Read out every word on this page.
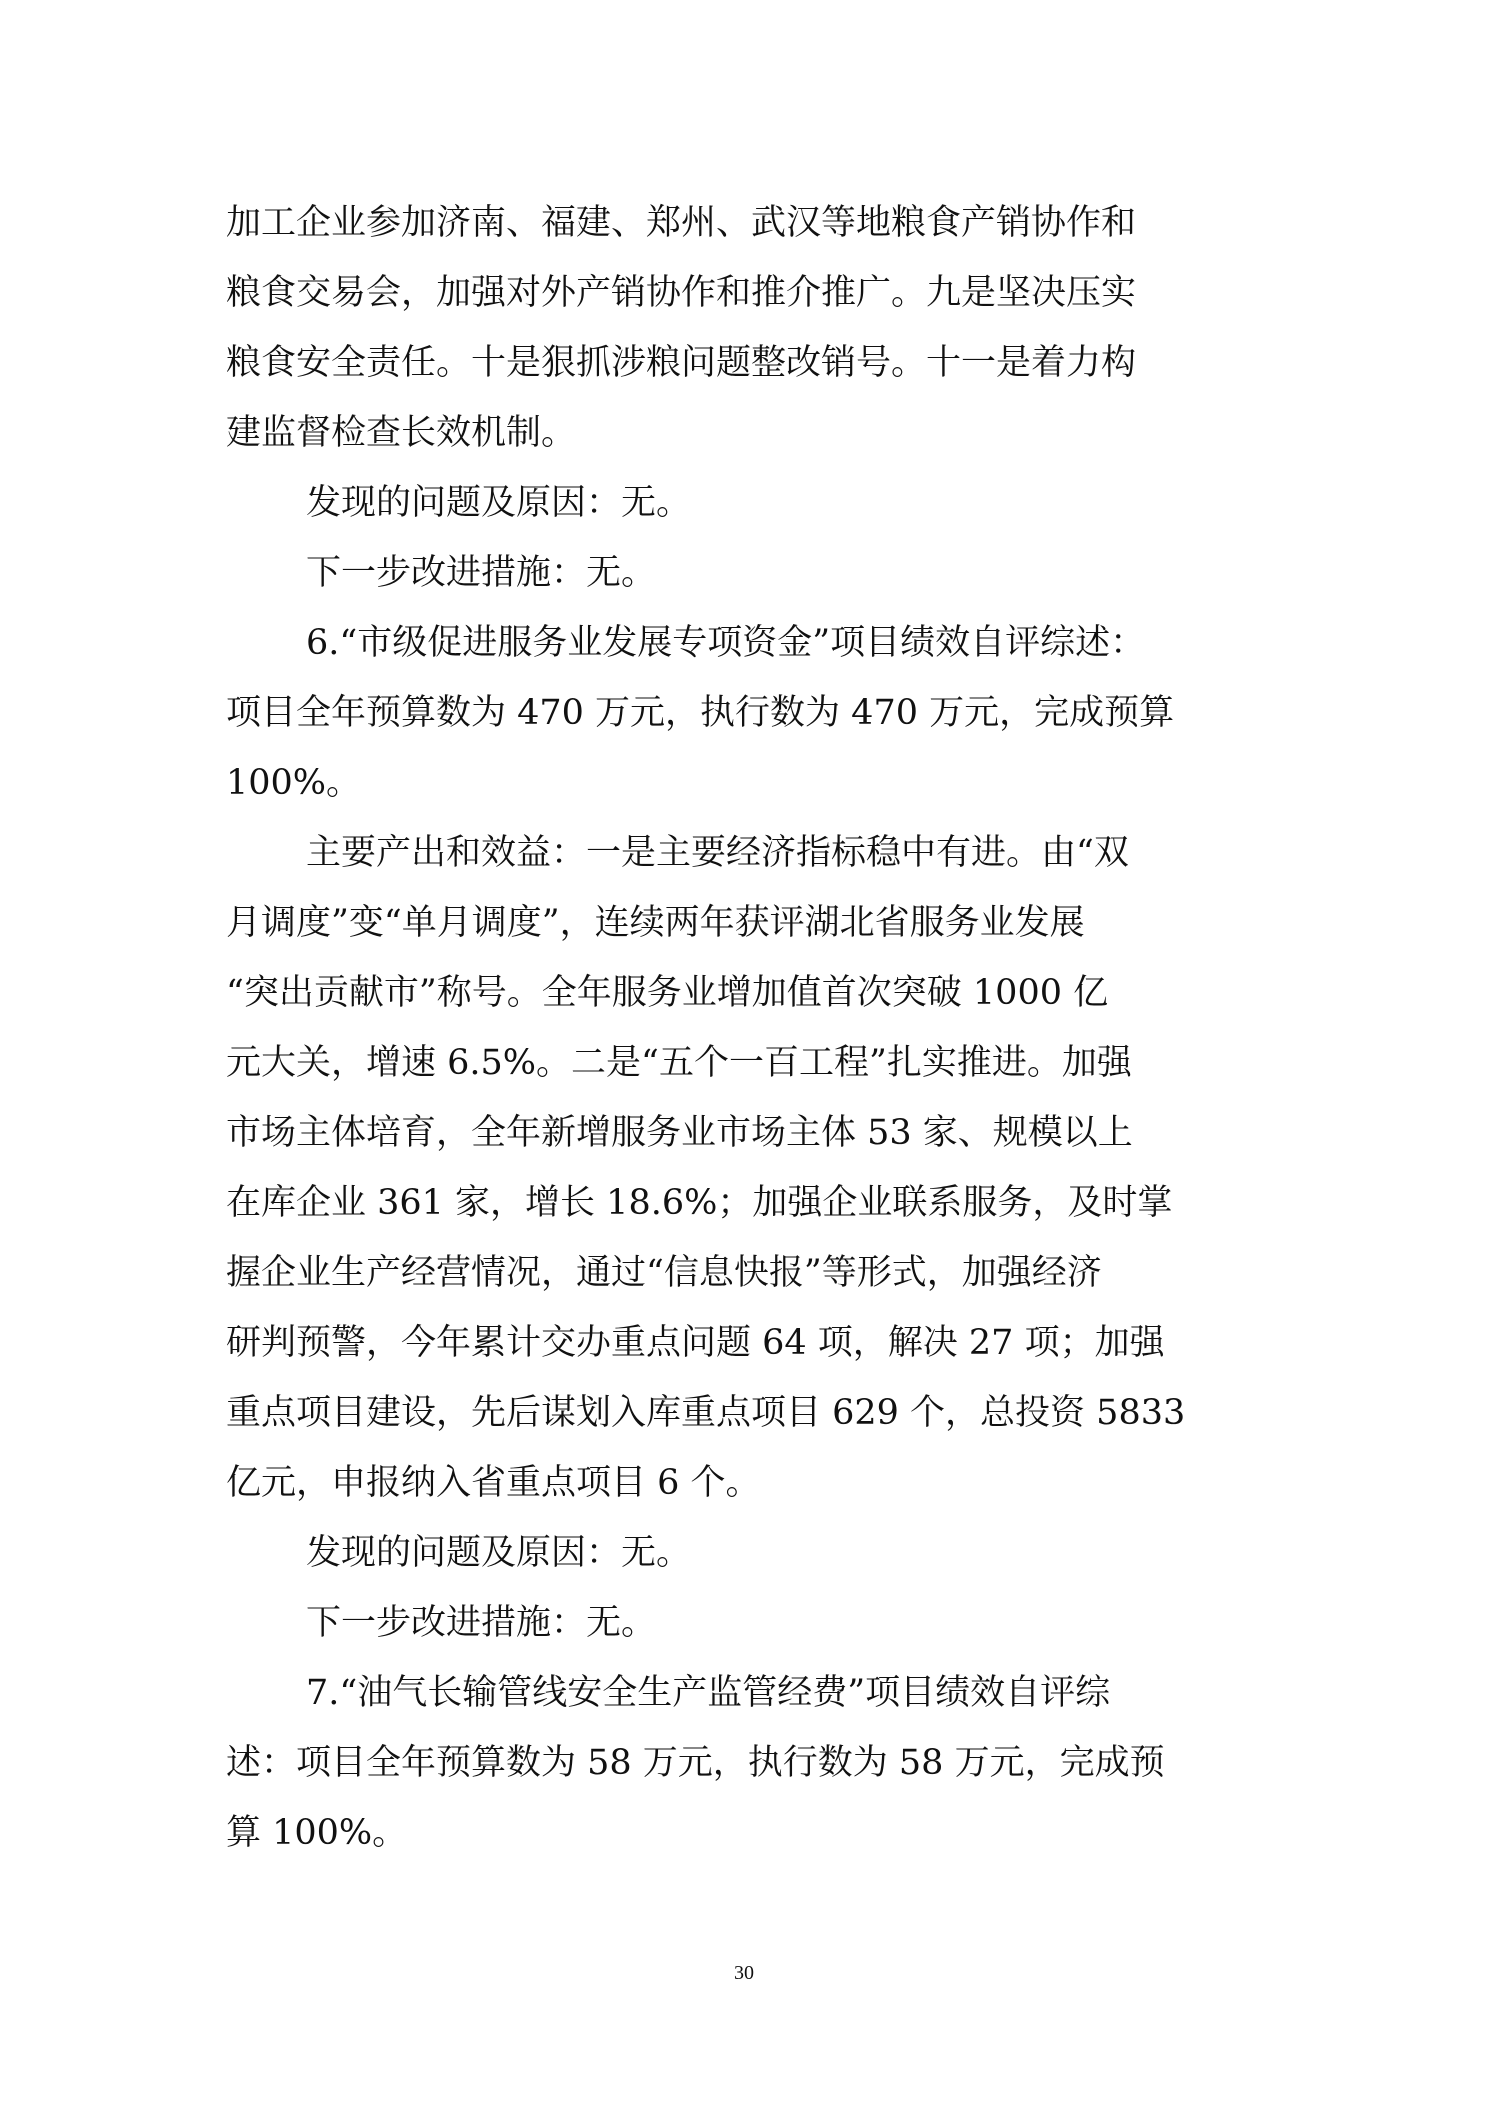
加工企业参加济南、福建、郑州、武汉等地粮食产销协作和
粮食交易会，加强对外产销协作和推介推广。九是坚决压实
粮食安全责任。十是狠抓涉粮问题整改销号。十一是着力构
建监督检查长效机制。
发现的问题及原因：无。
下一步改进措施：无。
6.“市级促进服务业发展专项资金”项目绩效自评综述：
项目全年预算数为 470 万元，执行数为 470 万元，完成预算
100%。
主要产出和效益：一是主要经济指标稳中有进。由“双
月调度”变“单月调度”，连续两年获评湖北省服务业发展
“突出贡献市”称号。全年服务业增加值首次突破 1000 亿
元大关，增速 6.5%。二是“五个一百工程”扎实推进。加强
市场主体培育，全年新增服务业市场主体 53 家、规模以上
在库企业 361 家，增长 18.6%；加强企业联系服务，及时掌
握企业生产经营情况，通过“信息快报”等形式，加强经济
研判预警，今年累计交办重点问题 64 项，解决 27 项；加强
重点项目建设，先后谋划入库重点项目 629 个，总投资 5833
亿元，申报纳入省重点项目 6 个。
发现的问题及原因：无。
下一步改进措施：无。
7.“油气长输管线安全生产监管经费”项目绩效自评综
述：项目全年预算数为 58 万元，执行数为 58 万元，完成预
算 100%。
30
